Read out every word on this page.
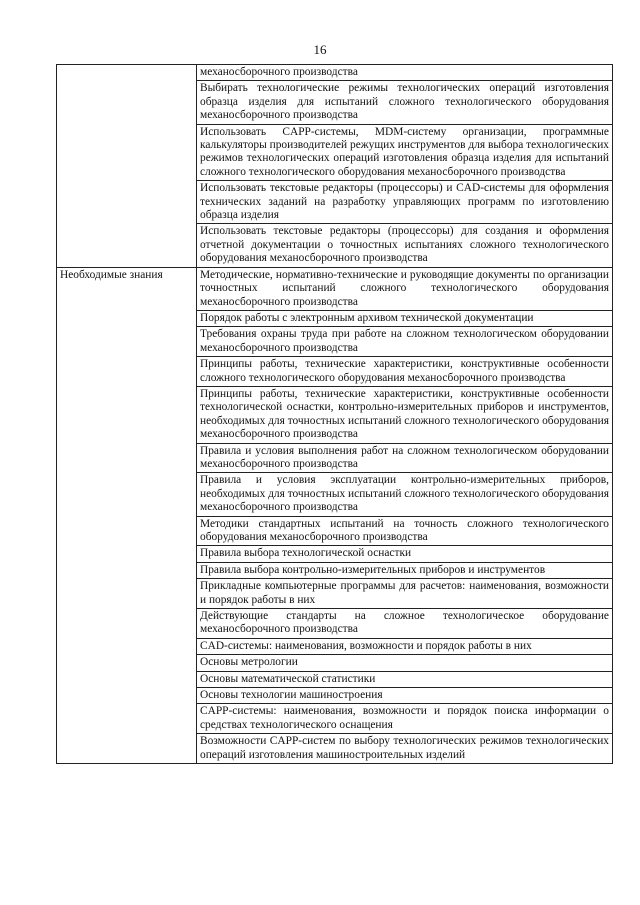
16
	механосборочного производства
	Выбирать технологические режимы технологических операций изготовления образца изделия для испытаний сложного технологического оборудования механосборочного производства
	Использовать CAPP-системы, MDM-систему организации, программные калькуляторы производителей режущих инструментов для выбора технологических режимов технологических операций изготовления образца изделия для испытаний сложного технологического оборудования механосборочного производства
	Использовать текстовые редакторы (процессоры) и CAD-системы для оформления технических заданий на разработку управляющих программ по изготовлению образца изделия
	Использовать текстовые редакторы (процессоры) для создания и оформления отчетной документации о точностных испытаниях сложного технологического оборудования механосборочного производства
Необходимые знания	Методические, нормативно-технические и руководящие документы по организации точностных испытаний сложного технологического оборудования механосборочного производства
	Порядок работы с электронным архивом технической документации
	Требования охраны труда при работе на сложном технологическом оборудовании механосборочного производства
	Принципы работы, технические характеристики, конструктивные особенности сложного технологического оборудования механосборочного производства
	Принципы работы, технические характеристики, конструктивные особенности технологической оснастки, контрольно-измерительных приборов и инструментов, необходимых для точностных испытаний сложного технологического оборудования механосборочного производства
	Правила и условия выполнения работ на сложном технологическом оборудовании механосборочного производства
	Правила и условия эксплуатации контрольно-измерительных приборов, необходимых для точностных испытаний сложного технологического оборудования механосборочного производства
	Методики стандартных испытаний на точность сложного технологического оборудования механосборочного производства
	Правила выбора технологической оснастки
	Правила выбора контрольно-измерительных приборов и инструментов
	Прикладные компьютерные программы для расчетов: наименования, возможности и порядок работы в них
	Действующие стандарты на сложное технологическое оборудование механосборочного производства
	CAD-системы: наименования, возможности и порядок работы в них
	Основы метрологии
	Основы математической статистики
	Основы технологии машиностроения
	CAPP-системы: наименования, возможности и порядок поиска информации о средствах технологического оснащения
	Возможности CAPP-систем по выбору технологических режимов технологических операций изготовления машиностроительных изделий
